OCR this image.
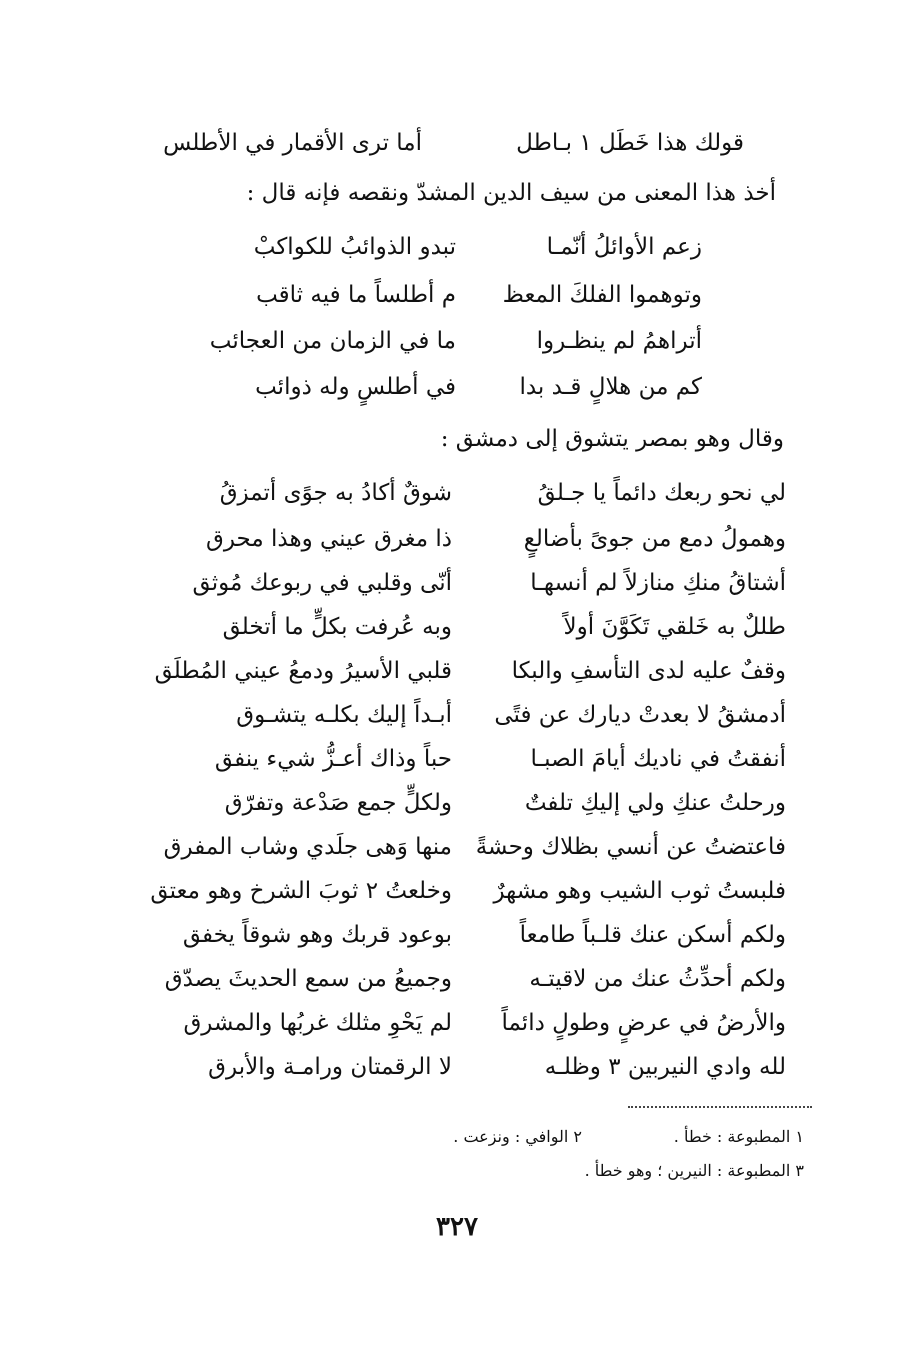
قولك هذا خَطَل ١ بـاطل
أما ترى الأقمار في الأطلس
أخذ هذا المعنى من سيف الدين المشدّ ونقصه فإنه قال :
زعم الأوائلُ أنّمـا
تبدو الذوائبُ للكواكبْ
وتوهموا الفلكَ المعظ
م أطلساً ما فيه ثاقب
أتراهمُ لم ينظـروا
ما في الزمان من العجائب
كم من هلالٍ قـد بدا
في أطلسٍ وله ذوائب
وقال وهو بمصر يتشوق إلى دمشق :
لي نحو ربعك دائماً يا جـلقُ
شوقٌ أكادُ به جوًى أتمزقُ
وهمولُ دمع من جوىً بأضالعٍ
ذا مغرق عيني وهذا محرق
أشتاقُ منكِ منازلاً لم أنسهـا
أنّى وقلبي في ربوعك مُوثق
طللٌ به خَلقي تَكَوَّنَ أولاً
وبه عُرفت بكلٍّ ما أتخلق
وقفٌ عليه لدى التأسفِ والبكا
قلبي الأسيرُ ودمعُ عيني المُطلَق
أدمشقُ لا بعدتْ ديارك عن فتًى
أبـداً إليك بكلـه يتشـوق
أنفقتُ في ناديك أيامَ الصبـا
حباً وذاك أعـزُّ شيء ينفق
ورحلتُ عنكِ ولي إليكِ تلفتٌ
ولكلٍّ جمع صَدْعة وتفرّق
فاعتضتُ عن أنسي بظلاك وحشةً
منها وَهى جلَدي وشاب المفرق
فلبستُ ثوب الشيب وهو مشهرٌ
وخلعتُ ٢ ثوبَ الشرخ وهو معتق
ولكم أسكن عنك قلـباً طامعاً
بوعود قربك وهو شوقاً يخفق
ولكم أحدِّثُ عنك من لاقيتـه
وجميعُ من سمع الحديثَ يصدّق
والأرضُ في عرضٍ وطولٍ دائماً
لم يَحْوِ مثلك غربُها والمشرق
لله وادي النيربين ٣ وظلـه
لا الرقمتان ورامـة والأبرق
١ المطبوعة : خطأ .
٢ الوافي : ونزعت .
٣ المطبوعة : النيرين ؛ وهو خطأ .
٣٢٧
